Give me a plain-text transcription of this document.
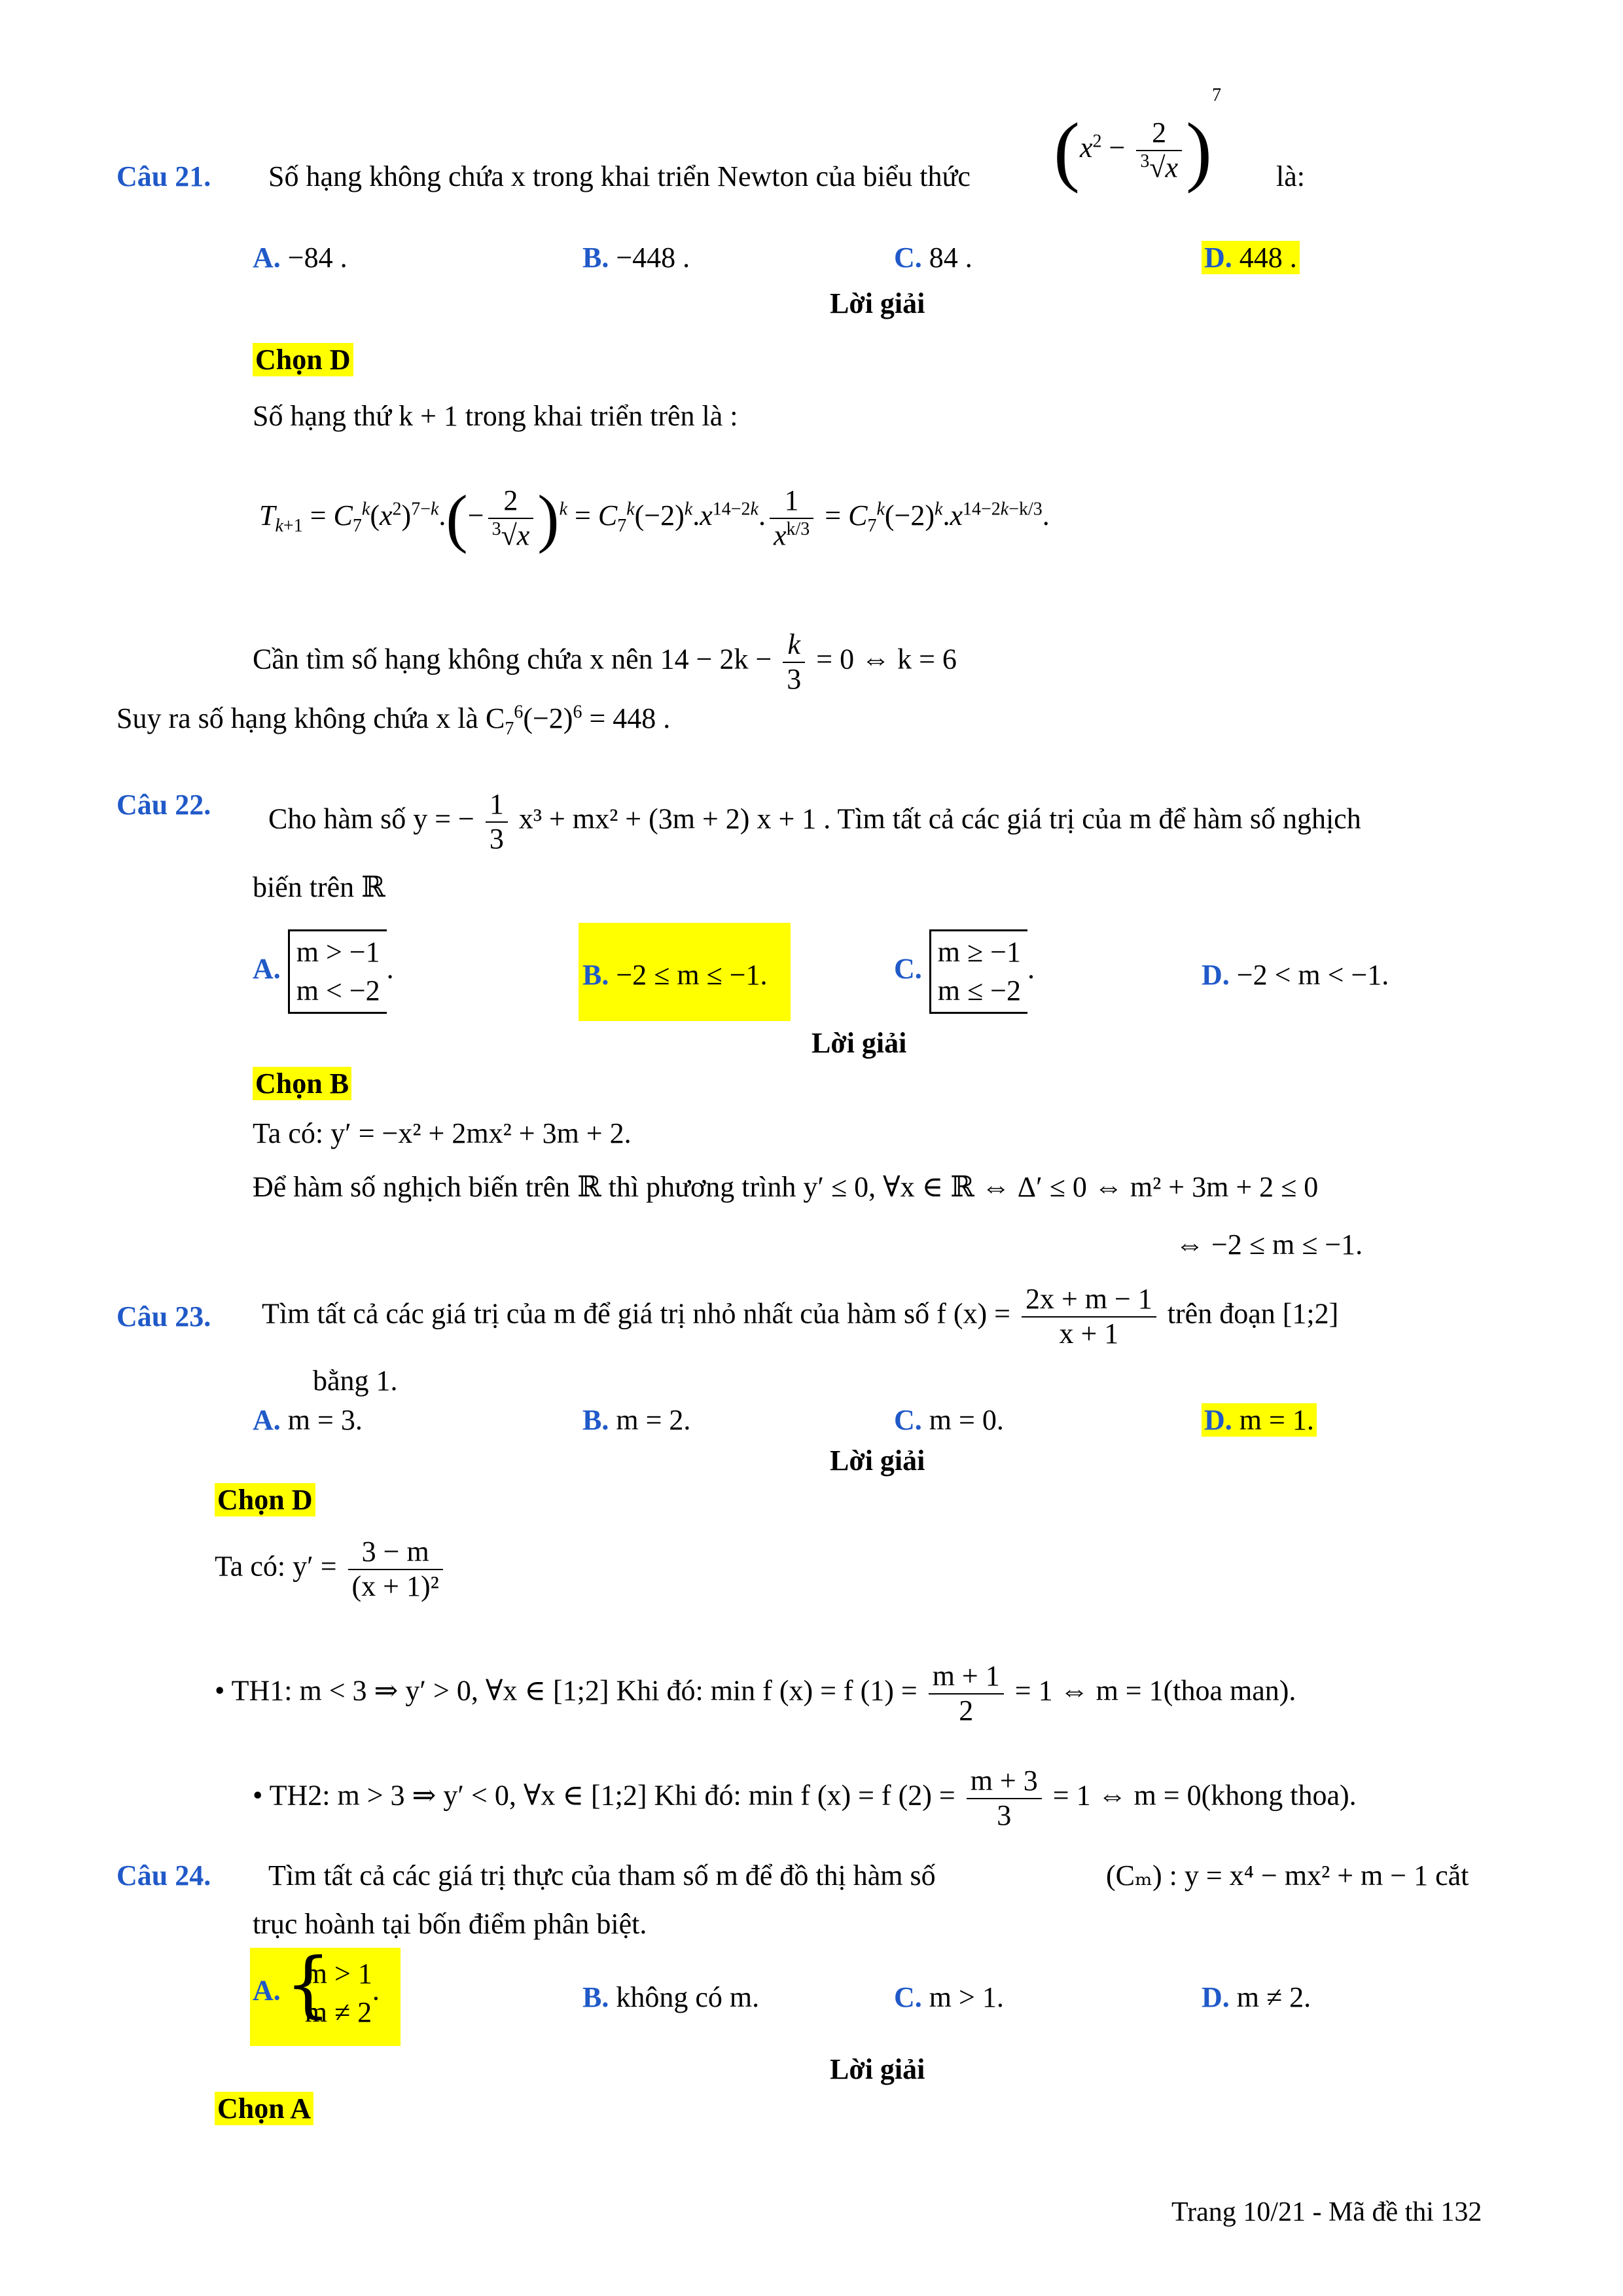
Câu 21. Số hạng không chứa x trong khai triển Newton của biểu thức $(x^2 - \frac{2}{^3√x} )^7$
là:
A. −84 .	B. −448 .	C. 84 .	D. 448 .
Lời giải
Chọn D
Số hạng thứ k + 1 trong khai triển trên là :
$T_{k+1} = C_7^k(x^2)^{7-k}.(- \frac{2}{^3√x} )^k = C_7^k(-2)^k.x^{14-2k}$. $\frac{1}{x^{k/3}} = C_7^k(-2)^k.x^{14-2k-k/3}$.
Cần tìm số hạng không chứa x nên $14 - 2k - \frac{k}{3} = 0$ ⇔ k = 6
Suy ra số hạng không chứa x là $C_7^6(-2)^6 = 448$ .
Câu 22. Cho hàm số y = − $\frac{1}{3} x^3 + mx^2 + (3m + 2) x + 1$ . Tìm tất cả các giá trị của m để hàm số nghịch
biến trên ℝ
A.
m > −1
m < −2
.	B. −2 ≤ m ≤ −1.	C.
m ≥ −1
m ≤ −2
.	D. −2 < m < −1.
Lời giải
Chọn B
Ta có: y′ = −x² + 2mx² + 3m + 2.
Để hàm số nghịch biến trên ℝ thì phương trình y′ ≤ 0, ∀x ∈ ℝ ⇔ Δ′ ≤ 0 ⇔ m² + 3m + 2 ≤ 0
⇔ −2 ≤ m ≤ −1.
Câu 23. Tìm tất cả các giá trị của m để giá trị nhỏ nhất của hàm số f $(x) = \frac{2x + m - 1}{x + 1}$ trên đoạn [1;2]
bằng 1.
A. m = 3.	B. m = 2.	C. m = 0.	D. m = 1.
Lời giải
Chọn D
Ta có: $y' = \frac{3 - m}{\text{(x + 1)²}}$
• TH1: m < 3 ⇒ y′ > 0, ∀x ∈ [1;2] Khi đó: min f (x) = f $(1) = \frac{m + 1}{2} = 1$ ⇔ m = 1(thoa man).
• TH2: m > 3 ⇒ y′ < 0, ∀x ∈ [1;2] Khi đó: min f (x) = f $(2) = \frac{m + 3}{3} = 1$ ⇔ m = 0(khong thoa).
Câu 24. Tìm tất cả các giá trị thực của tham số m để đồ thị hàm số	(Cₘ) : y = x⁴ − mx² + m − 1 cắt
trục hoành tại bốn điểm phân biệt.
A.
{ m > 1
m ≠ 2
.	B. không có m.	C. m > 1.	D. m ≠ 2.
Lời giải
Chọn A
Trang 10/21 - Mã đề thi 132
